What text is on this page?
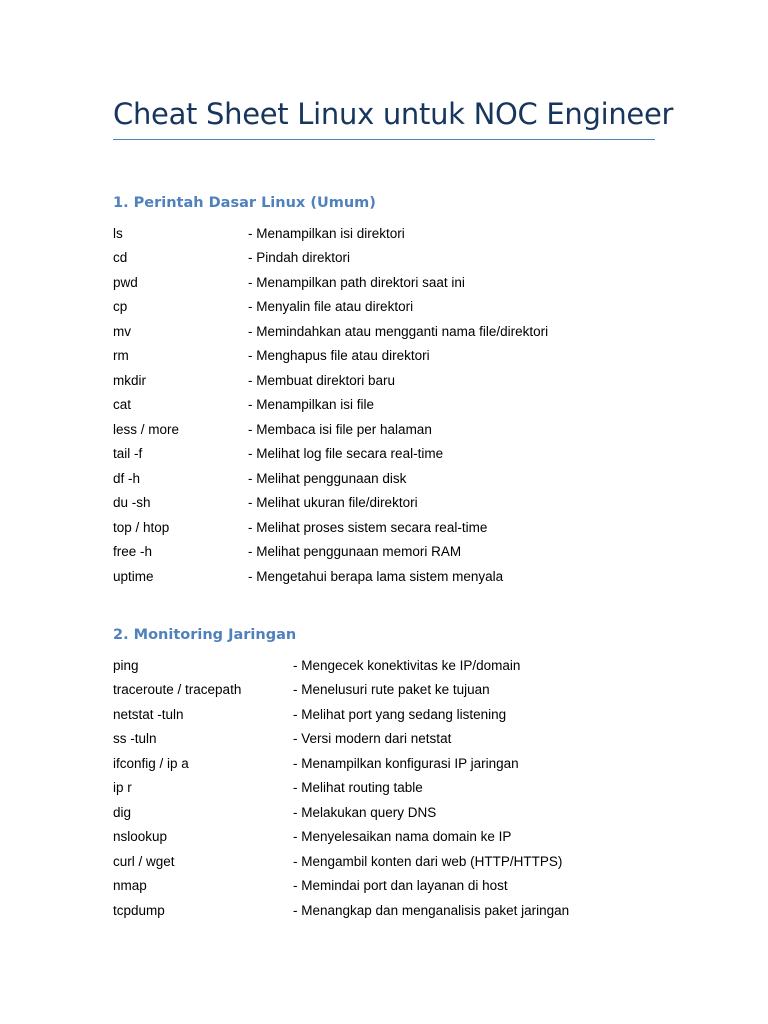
Cheat Sheet Linux untuk NOC Engineer
1. Perintah Dasar Linux (Umum)
ls	- Menampilkan isi direktori
cd	- Pindah direktori
pwd	- Menampilkan path direktori saat ini
cp	- Menyalin file atau direktori
mv	- Memindahkan atau mengganti nama file/direktori
rm	- Menghapus file atau direktori
mkdir	- Membuat direktori baru
cat	- Menampilkan isi file
less / more	- Membaca isi file per halaman
tail -f	- Melihat log file secara real-time
df -h	- Melihat penggunaan disk
du -sh	- Melihat ukuran file/direktori
top / htop	- Melihat proses sistem secara real-time
free -h	- Melihat penggunaan memori RAM
uptime	- Mengetahui berapa lama sistem menyala
2. Monitoring Jaringan
ping	- Mengecek konektivitas ke IP/domain
traceroute / tracepath	- Menelusuri rute paket ke tujuan
netstat -tuln	- Melihat port yang sedang listening
ss -tuln	- Versi modern dari netstat
ifconfig / ip a	- Menampilkan konfigurasi IP jaringan
ip r	- Melihat routing table
dig	- Melakukan query DNS
nslookup	- Menyelesaikan nama domain ke IP
curl / wget	- Mengambil konten dari web (HTTP/HTTPS)
nmap	- Memindai port dan layanan di host
tcpdump	- Menangkap dan menganalisis paket jaringan
